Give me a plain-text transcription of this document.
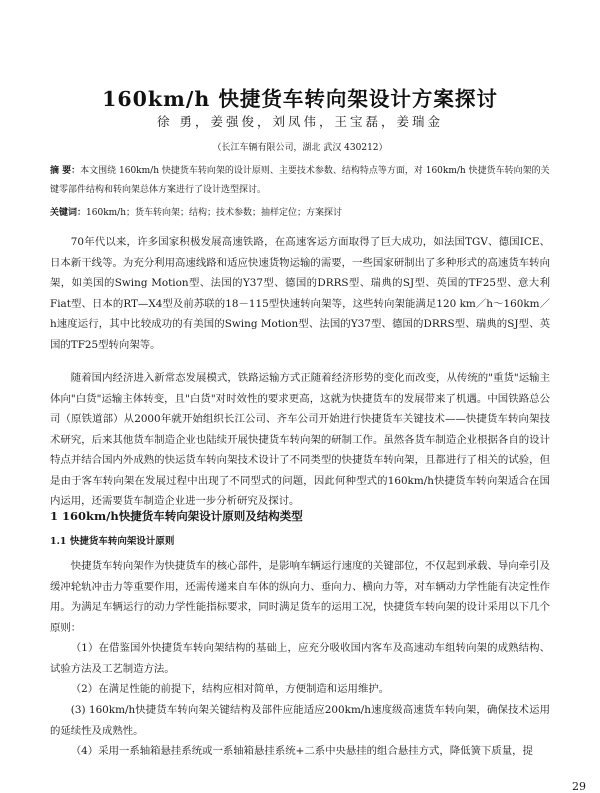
160km/h 快捷货车转向架设计方案探讨
徐 勇，姜强俊，刘凤伟，王宝磊，姜瑞金
（长江车辆有限公司，湖北 武汉 430212）

摘 要：本文围绕 160km/h 快捷货车转向架的设计原则、主要技术参数、结构特点等方面，对 160km/h 快捷货车转向架的关键零部件结构和转向架总体方案进行了设计选型探讨。

关键词：160km/h；货车转向架；结构；技术参数；抽样定位；方案探讨

70年代以来，许多国家积极发展高速铁路，在高速客运方面取得了巨大成功，如法国TGV、德国ICE、日本新干线等。为充分利用高速线路和适应快速货物运输的需要，一些国家研制出了多种形式的高速货车转向架，如美国的Swing Motion型、法国的Y37型、德国的DRRS型、瑞典的SJ型、英国的TF25型、意大利Fiat型、日本的RT—X4型及前苏联的18－115型快速转向架等，这些转向架能满足120 km／h～160km／h速度运行，其中比较成功的有美国的Swing Motion型、法国的Y37型、德国的DRRS型、瑞典的SJ型、英国的TF25型转向架等。

随着国内经济进入新常态发展模式，铁路运输方式正随着经济形势的变化而改变，从传统的"重货"运输主体向"白货"运输主体转变，且"白货"对时效性的要求更高，这就为快捷货车的发展带来了机遇。中国铁路总公司（原铁道部）从2000年就开始组织长江公司、齐车公司开始进行快捷货车关键技术——快捷货车转向架技术研究，后来其他货车制造企业也陆续开展快捷货车转向架的研制工作。虽然各货车制造企业根据各自的设计特点并结合国内外成熟的快运货车转向架技术设计了不同类型的快捷货车转向架，且都进行了相关的试验，但是由于客车转向架在发展过程中出现了不同型式的问题，因此何种型式的160km/h快捷货车转向架适合在国内运用，还需要货车制造企业进一步分析研究及探讨。

1 160km/h快捷货车转向架设计原则及结构类型
1.1 快捷货车转向架设计原则

快捷货车转向架作为快捷货车的核心部件，是影响车辆运行速度的关键部位，不仅起到承载、导向牵引及缓冲轮轨冲击力等重要作用，还需传递来自车体的纵向力、垂向力、横向力等，对车辆动力学性能有决定性作用。为满足车辆运行的动力学性能指标要求，同时满足货车的运用工况，快捷货车转向架的设计采用以下几个原则：

（1）在借鉴国外快捷货车转向架结构的基础上，应充分吸收国内客车及高速动车组转向架的成熟结构、试验方法及工艺制造方法。

（2）在满足性能的前提下，结构应相对简单，方便制造和运用维护。

(3) 160km/h快捷货车转向架关键结构及部件应能适应200km/h速度级高速货车转向架，确保技术运用的延续性及成熟性。

（4）采用一系轴箱悬挂系统或一系轴箱悬挂系统+二系中央悬挂的组合悬挂方式，降低簧下质量，提

29
